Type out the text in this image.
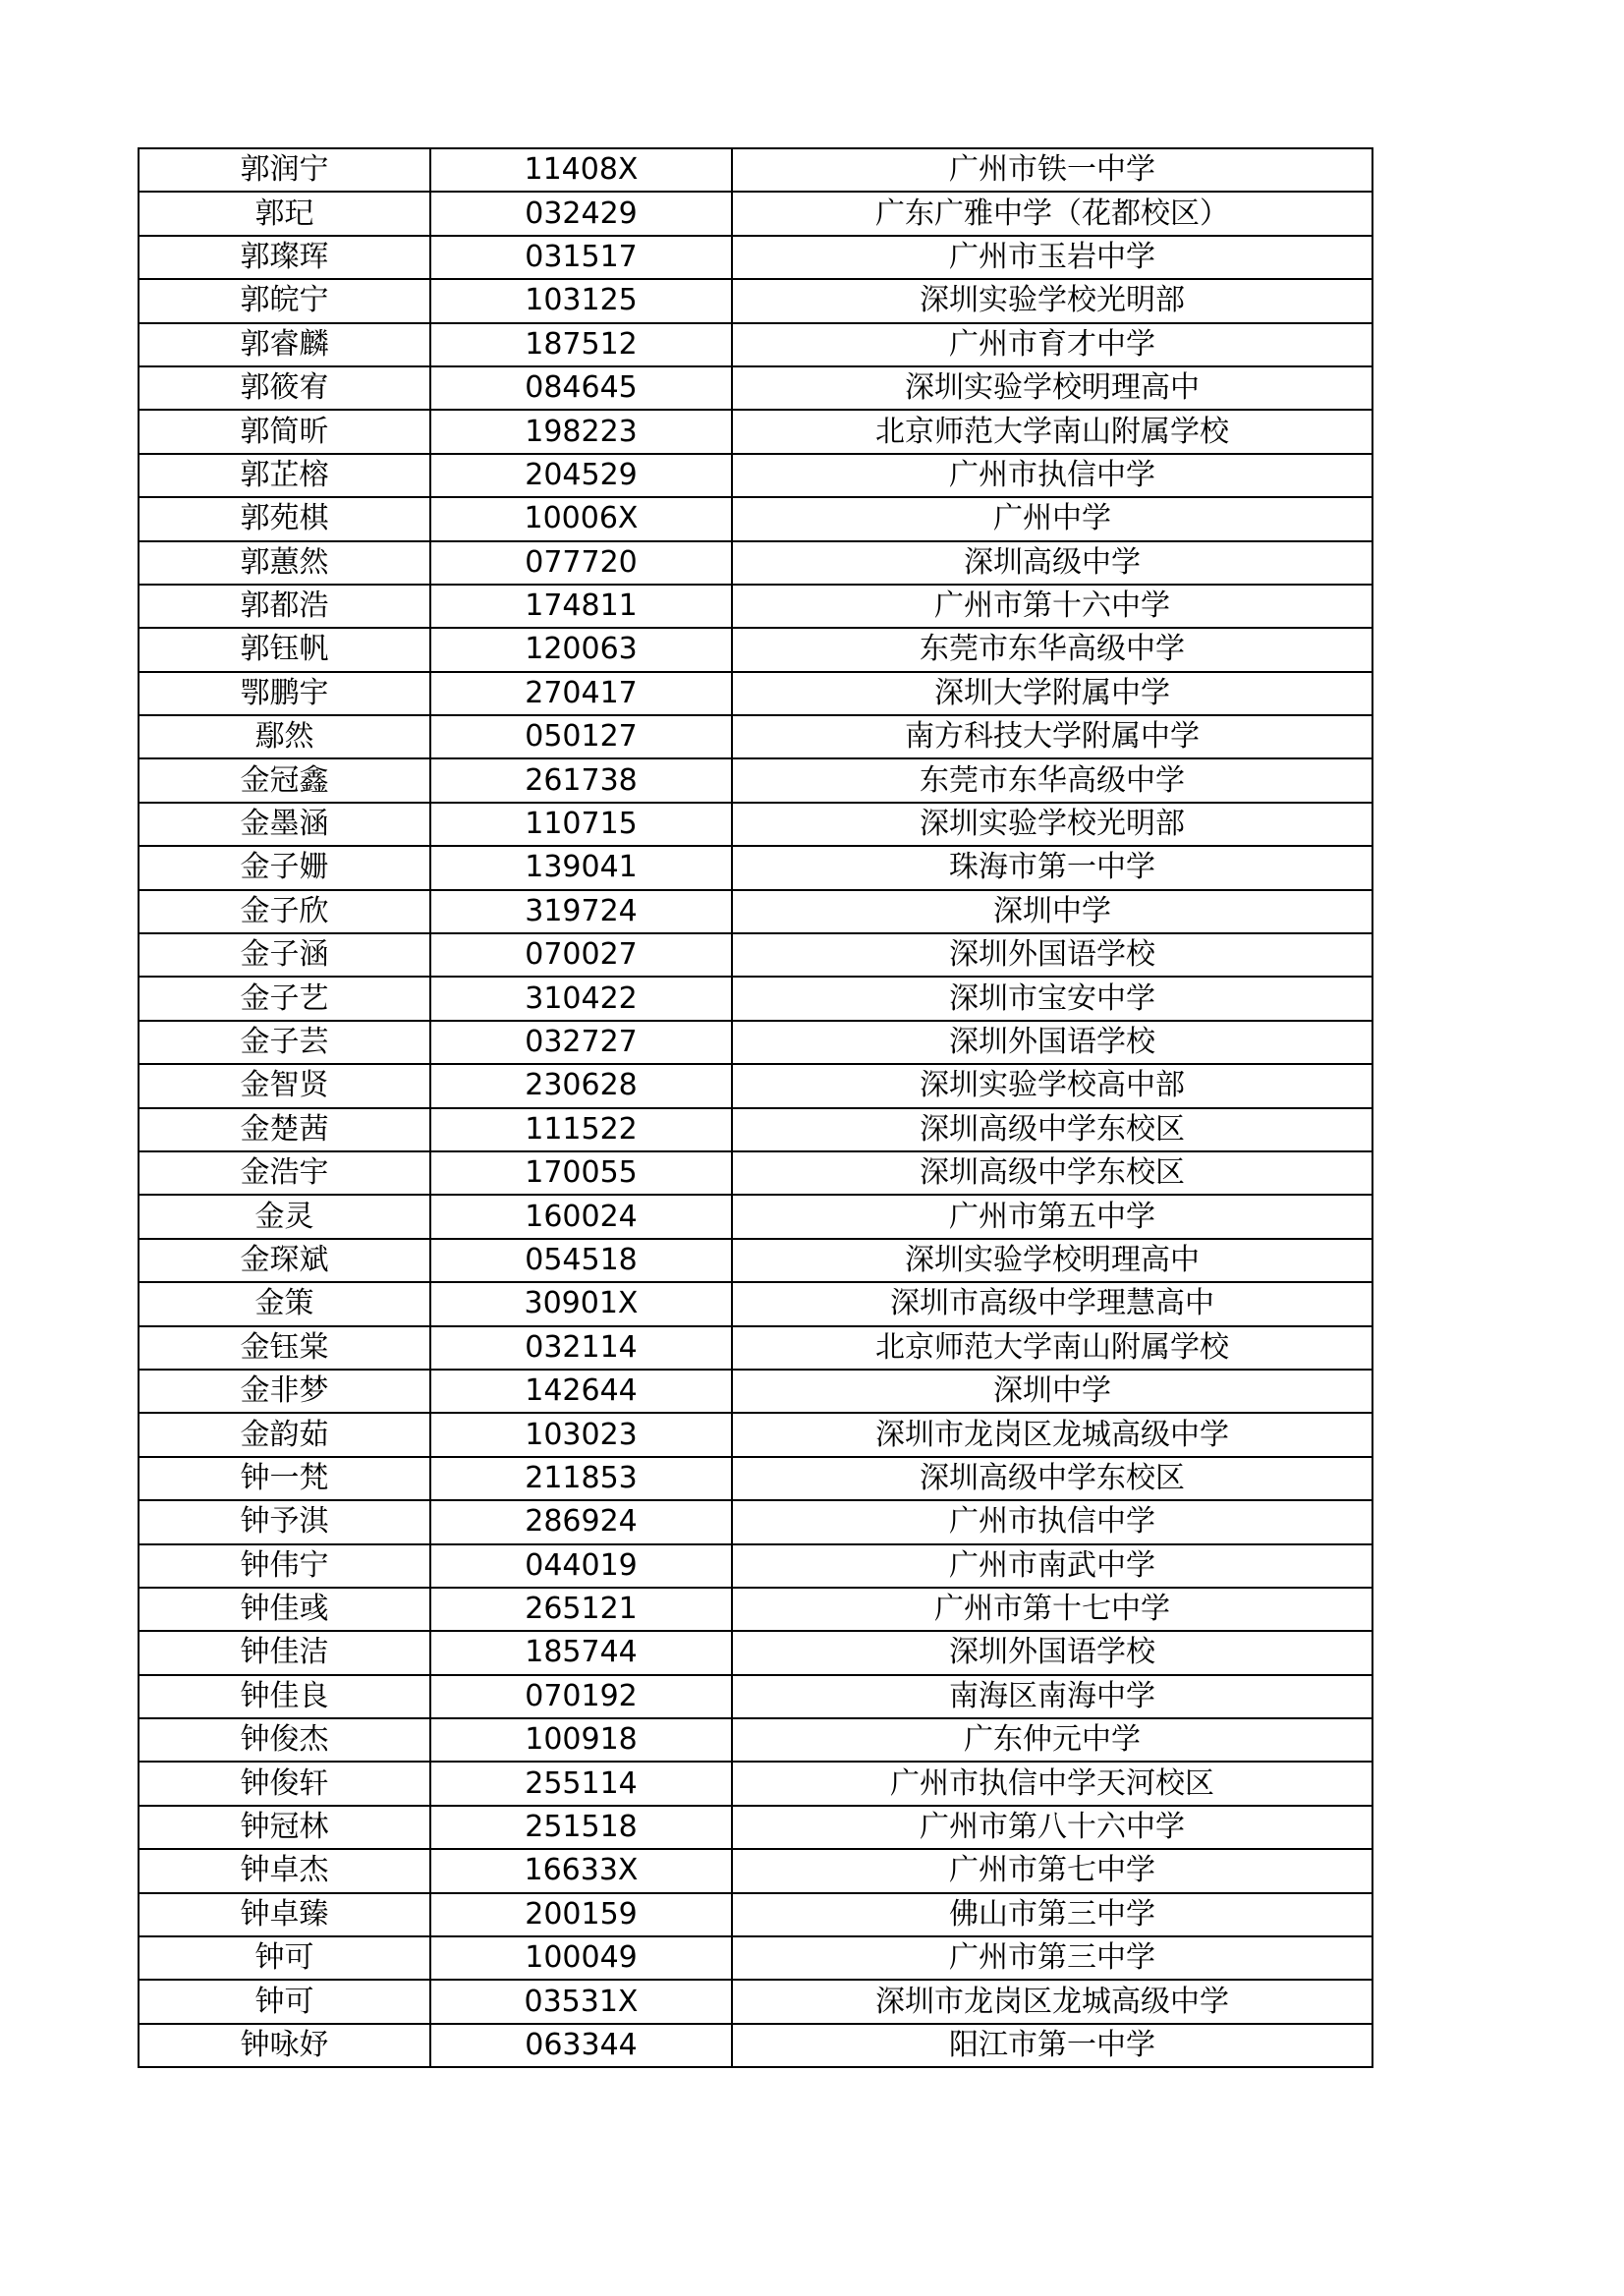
郭润宁	11408X	广州市铁一中学
郭玘	032429	广东广雅中学（花都校区）
郭璨珲	031517	广州市玉岩中学
郭皖宁	103125	深圳实验学校光明部
郭睿麟	187512	广州市育才中学
郭筱宥	084645	深圳实验学校明理高中
郭简昕	198223	北京师范大学南山附属学校
郭芷榕	204529	广州市执信中学
郭苑棋	10006X	广州中学
郭蕙然	077720	深圳高级中学
郭都浩	174811	广州市第十六中学
郭钰帆	120063	东莞市东华高级中学
鄂鹏宇	270417	深圳大学附属中学
鄢然	050127	南方科技大学附属中学
金冠鑫	261738	东莞市东华高级中学
金墨涵	110715	深圳实验学校光明部
金子姗	139041	珠海市第一中学
金子欣	319724	深圳中学
金子涵	070027	深圳外国语学校
金子艺	310422	深圳市宝安中学
金子芸	032727	深圳外国语学校
金智贤	230628	深圳实验学校高中部
金楚茜	111522	深圳高级中学东校区
金浩宇	170055	深圳高级中学东校区
金灵	160024	广州市第五中学
金琛斌	054518	深圳实验学校明理高中
金策	30901X	深圳市高级中学理慧高中
金钰棠	032114	北京师范大学南山附属学校
金非梦	142644	深圳中学
金韵茹	103023	深圳市龙岗区龙城高级中学
钟一梵	211853	深圳高级中学东校区
钟予淇	286924	广州市执信中学
钟伟宁	044019	广州市南武中学
钟佳彧	265121	广州市第十七中学
钟佳洁	185744	深圳外国语学校
钟佳良	070192	南海区南海中学
钟俊杰	100918	广东仲元中学
钟俊轩	255114	广州市执信中学天河校区
钟冠林	251518	广州市第八十六中学
钟卓杰	16633X	广州市第七中学
钟卓臻	200159	佛山市第三中学
钟可	100049	广州市第三中学
钟可	03531X	深圳市龙岗区龙城高级中学
钟咏妤	063344	阳江市第一中学
